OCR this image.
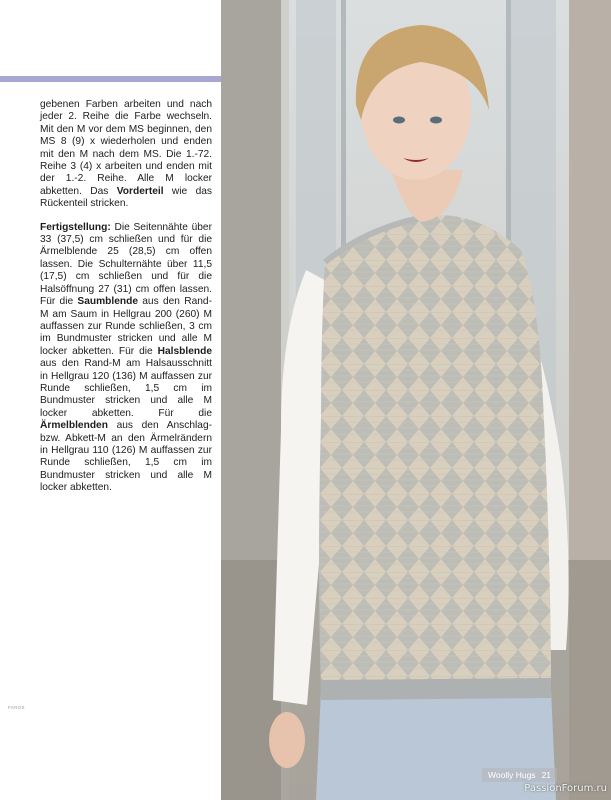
gebenen Farben arbeiten und nach jeder 2. Reihe die Farbe wechseln. Mit den M vor dem MS beginnen, den MS 8 (9) x wiederholen und enden mit den M nach dem MS. Die 1.-72. Reihe 3 (4) x arbeiten und enden mit der 1.-2. Reihe. Alle M locker abketten. Das Vorderteil wie das Rückenteil stricken.

Fertigstellung: Die Seitennähte über 33 (37,5) cm schließen und für die Ärmelblende 25 (28,5) cm offen lassen. Die Schulternähte über 11,5 (17,5) cm schließen und für die Halsöffnung 27 (31) cm offen lassen. Für die Saumblende aus den Rand-M am Saum in Hellgrau 200 (260) M auffassen zur Runde schließen, 3 cm im Bundmuster stricken und alle M locker abketten. Für die Halsblende aus den Rand-M am Halsausschnitt in Hellgrau 120 (136) M auffassen zur Runde schließen, 1,5 cm im Bundmuster stricken und alle M locker abketten. Für die Ärmelblenden aus den Anschlag- bzw. Abkett-M an den Ärmelrändern in Hellgrau 110 (126) M auffassen zur Runde schließen, 1,5 cm im Bundmuster stricken und alle M locker abketten.

FAROS
Woolly Hugs 21
PassionForum.ru
